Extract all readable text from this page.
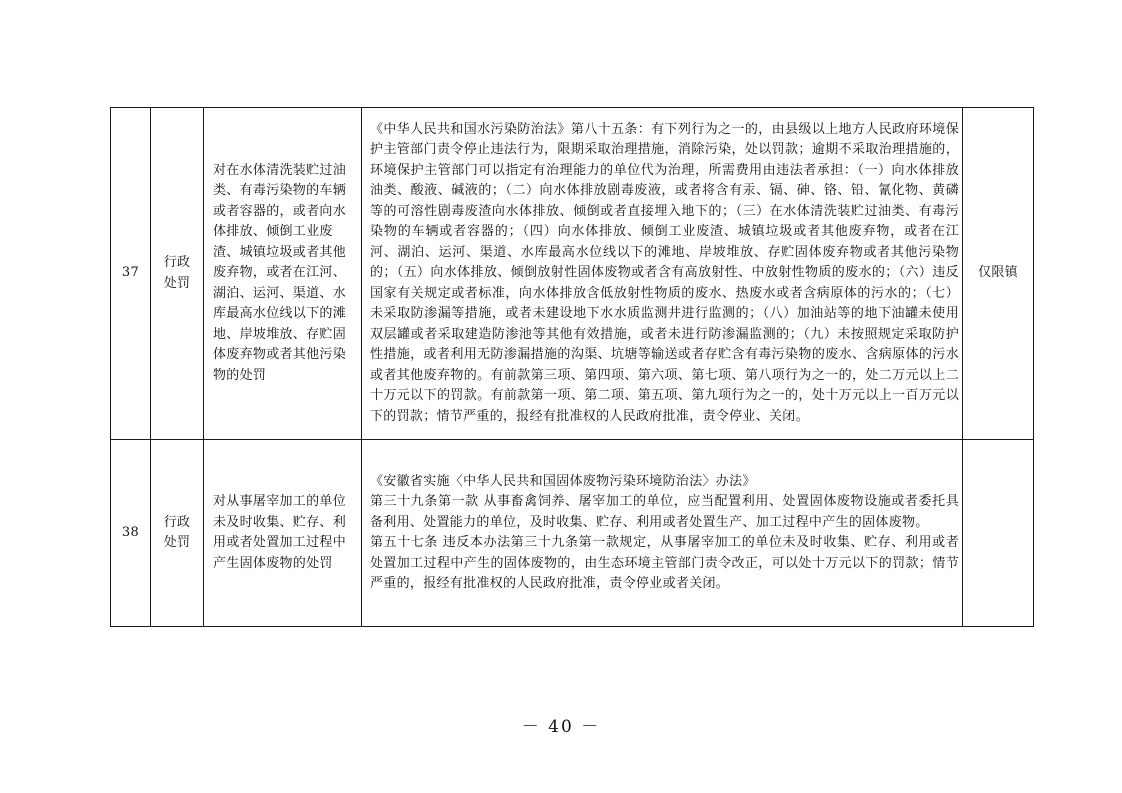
37	行政处罚	对在水体清洗装贮过油类、有毒污染物的车辆或者容器的，或者向水体排放、倾倒工业废渣、城镇垃圾或者其他废弃物，或者在江河、湖泊、运河、渠道、水库最高水位线以下的滩地、岸坡堆放、存贮固体废弃物或者其他污染物的处罚	《中华人民共和国水污染防治法》第八十五条：有下列行为之一的，由县级以上地方人民政府环境保护主管部门责令停止违法行为，限期采取治理措施，消除污染，处以罚款；逾期不采取治理措施的，环境保护主管部门可以指定有治理能力的单位代为治理，所需费用由违法者承担：（一）向水体排放油类、酸液、碱液的；（二）向水体排放剧毒废液，或者将含有汞、镉、砷、铬、铅、氰化物、黄磷等的可溶性剧毒废渣向水体排放、倾倒或者直接埋入地下的；（三）在水体清洗装贮过油类、有毒污染物的车辆或者容器的；（四）向水体排放、倾倒工业废渣、城镇垃圾或者其他废弃物，或者在江河、湖泊、运河、渠道、水库最高水位线以下的滩地、岸坡堆放、存贮固体废弃物或者其他污染物的；（五）向水体排放、倾倒放射性固体废物或者含有高放射性、中放射性物质的废水的；（六）违反国家有关规定或者标准，向水体排放含低放射性物质的废水、热废水或者含病原体的污水的；（七）未采取防渗漏等措施，或者未建设地下水水质监测井进行监测的；（八）加油站等的地下油罐未使用双层罐或者采取建造防渗池等其他有效措施，或者未进行防渗漏监测的；（九）未按照规定采取防护性措施，或者利用无防渗漏措施的沟渠、坑塘等输送或者存贮含有毒污染物的废水、含病原体的污水或者其他废弃物的。有前款第三项、第四项、第六项、第七项、第八项行为之一的，处二万元以上二十万元以下的罚款。有前款第一项、第二项、第五项、第九项行为之一的，处十万元以上一百万元以下的罚款；情节严重的，报经有批准权的人民政府批准，责令停业、关闭。	仅限镇
38	行政处罚	对从事屠宰加工的单位未及时收集、贮存、利用或者处置加工过程中产生固体废物的处罚	《安徽省实施〈中华人民共和国固体废物污染环境防治法〉办法》
第三十九条第一款 从事畜禽饲养、屠宰加工的单位，应当配置利用、处置固体废物设施或者委托具备利用、处置能力的单位，及时收集、贮存、利用或者处置生产、加工过程中产生的固体废物。
第五十七条 违反本办法第三十九条第一款规定，从事屠宰加工的单位未及时收集、贮存、利用或者处置加工过程中产生的固体废物的，由生态环境主管部门责令改正，可以处十万元以下的罚款；情节严重的，报经有批准权的人民政府批准，责令停业或者关闭。	

－ 40 －
